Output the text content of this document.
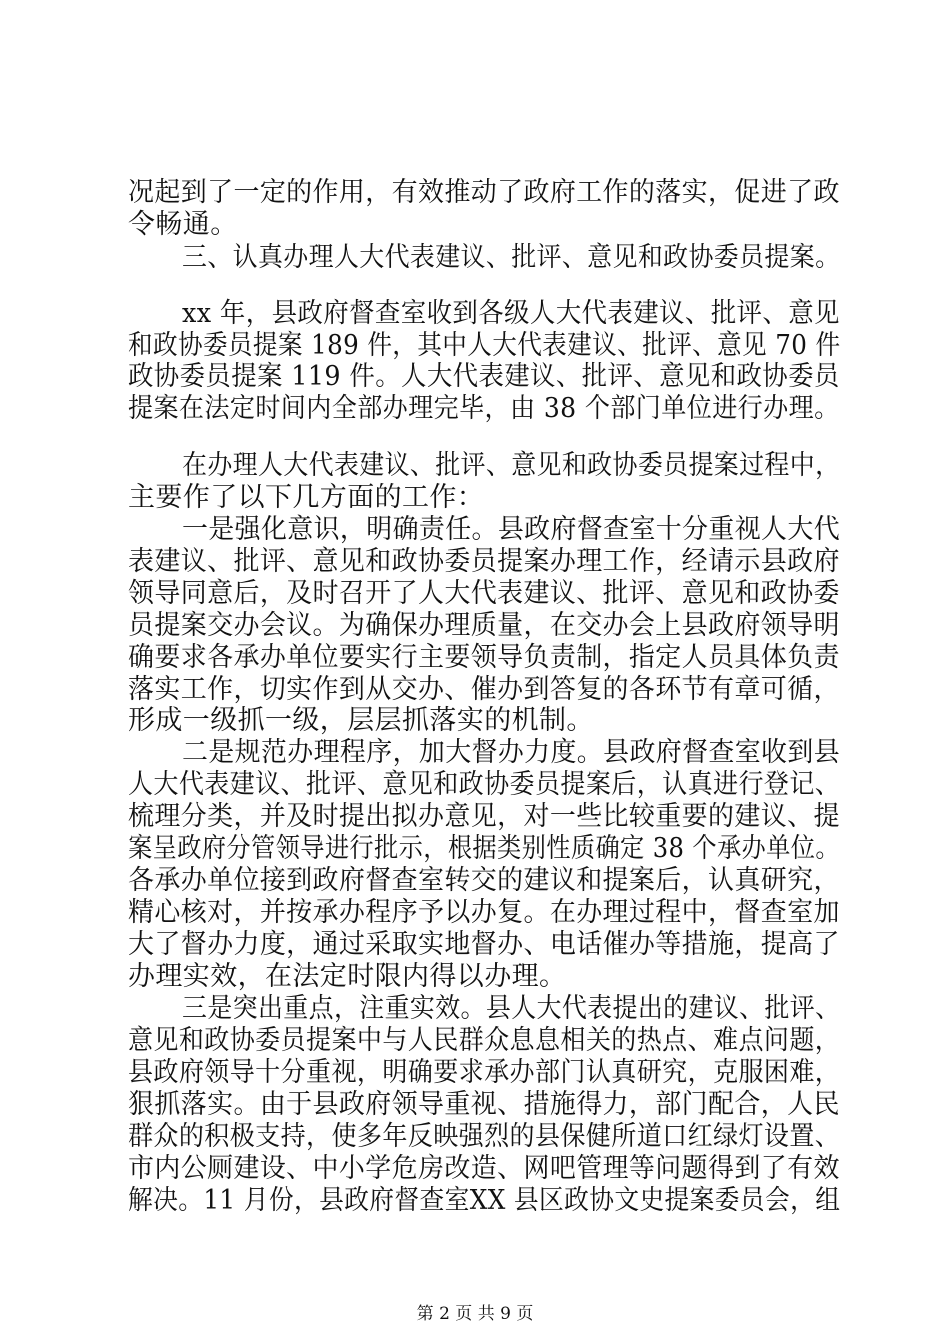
况起到了一定的作用，有效推动了政府工作的落实，促进了政
令畅通。
三、认真办理人大代表建议、批评、意见和政协委员提案。
xx 年，县政府督查室收到各级人大代表建议、批评、意见
和政协委员提案 189 件，其中人大代表建议、批评、意见 70 件
政协委员提案 119 件。人大代表建议、批评、意见和政协委员
提案在法定时间内全部办理完毕，由 38 个部门单位进行办理。
在办理人大代表建议、批评、意见和政协委员提案过程中，
主要作了以下几方面的工作：
一是强化意识，明确责任。县政府督查室十分重视人大代
表建议、批评、意见和政协委员提案办理工作，经请示县政府
领导同意后，及时召开了人大代表建议、批评、意见和政协委
员提案交办会议。为确保办理质量，在交办会上县政府领导明
确要求各承办单位要实行主要领导负责制，指定人员具体负责
落实工作，切实作到从交办、催办到答复的各环节有章可循，
形成一级抓一级，层层抓落实的机制。
二是规范办理程序，加大督办力度。县政府督查室收到县
人大代表建议、批评、意见和政协委员提案后，认真进行登记、
梳理分类，并及时提出拟办意见，对一些比较重要的建议、提
案呈政府分管领导进行批示，根据类别性质确定 38 个承办单位。
各承办单位接到政府督查室转交的建议和提案后，认真研究，
精心核对，并按承办程序予以办复。在办理过程中，督查室加
大了督办力度，通过采取实地督办、电话催办等措施，提高了
办理实效，在法定时限内得以办理。
三是突出重点，注重实效。县人大代表提出的建议、批评、
意见和政协委员提案中与人民群众息息相关的热点、难点问题，
县政府领导十分重视，明确要求承办部门认真研究，克服困难，
狠抓落实。由于县政府领导重视、措施得力，部门配合，人民
群众的积极支持，使多年反映强烈的县保健所道口红绿灯设置、
市内公厕建设、中小学危房改造、网吧管理等问题得到了有效
解决。11 月份，县政府督查室XX 县区政协文史提案委员会，组
第 2 页 共 9 页
